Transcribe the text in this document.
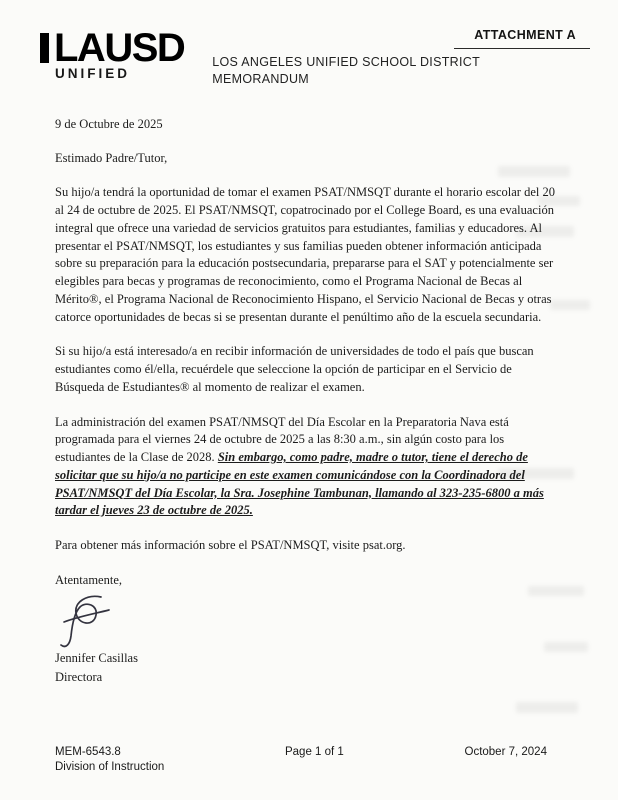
ATTACHMENT A
LAUSD
UNIFIED
LOS ANGELES UNIFIED SCHOOL DISTRICT
MEMORANDUM

9 de Octubre de 2025

Estimado Padre/Tutor,

Su hijo/a tendrá la oportunidad de tomar el examen PSAT/NMSQT durante el horario escolar del 20 al 24 de octubre de 2025. El PSAT/NMSQT, copatrocinado por el College Board, es una evaluación integral que ofrece una variedad de servicios gratuitos para estudiantes, familias y educadores. Al presentar el PSAT/NMSQT, los estudiantes y sus familias pueden obtener información anticipada sobre su preparación para la educación postsecundaria, prepararse para el SAT y potencialmente ser elegibles para becas y programas de reconocimiento, como el Programa Nacional de Becas al Mérito®, el Programa Nacional de Reconocimiento Hispano, el Servicio Nacional de Becas y otras catorce oportunidades de becas si se presentan durante el penúltimo año de la escuela secundaria.

Si su hijo/a está interesado/a en recibir información de universidades de todo el país que buscan estudiantes como él/ella, recuérdele que seleccione la opción de participar en el Servicio de Búsqueda de Estudiantes® al momento de realizar el examen.

La administración del examen PSAT/NMSQT del Día Escolar en la Preparatoria Nava está programada para el viernes 24 de octubre de 2025 a las 8:30 a.m., sin algún costo para los estudiantes de la Clase de 2028. Sin embargo, como padre, madre o tutor, tiene el derecho de solicitar que su hijo/a no participe en este examen comunicándose con la Coordinadora del PSAT/NMSQT del Día Escolar, la Sra. Josephine Tambunan, llamando al 323-235-6800 a más tardar el jueves 23 de octubre de 2025.

Para obtener más información sobre el PSAT/NMSQT, visite psat.org.

Atentamente,

Jennifer Casillas

Directora

MEM-6543.8
Division of Instruction
Page 1 of 1	October 7, 2024
